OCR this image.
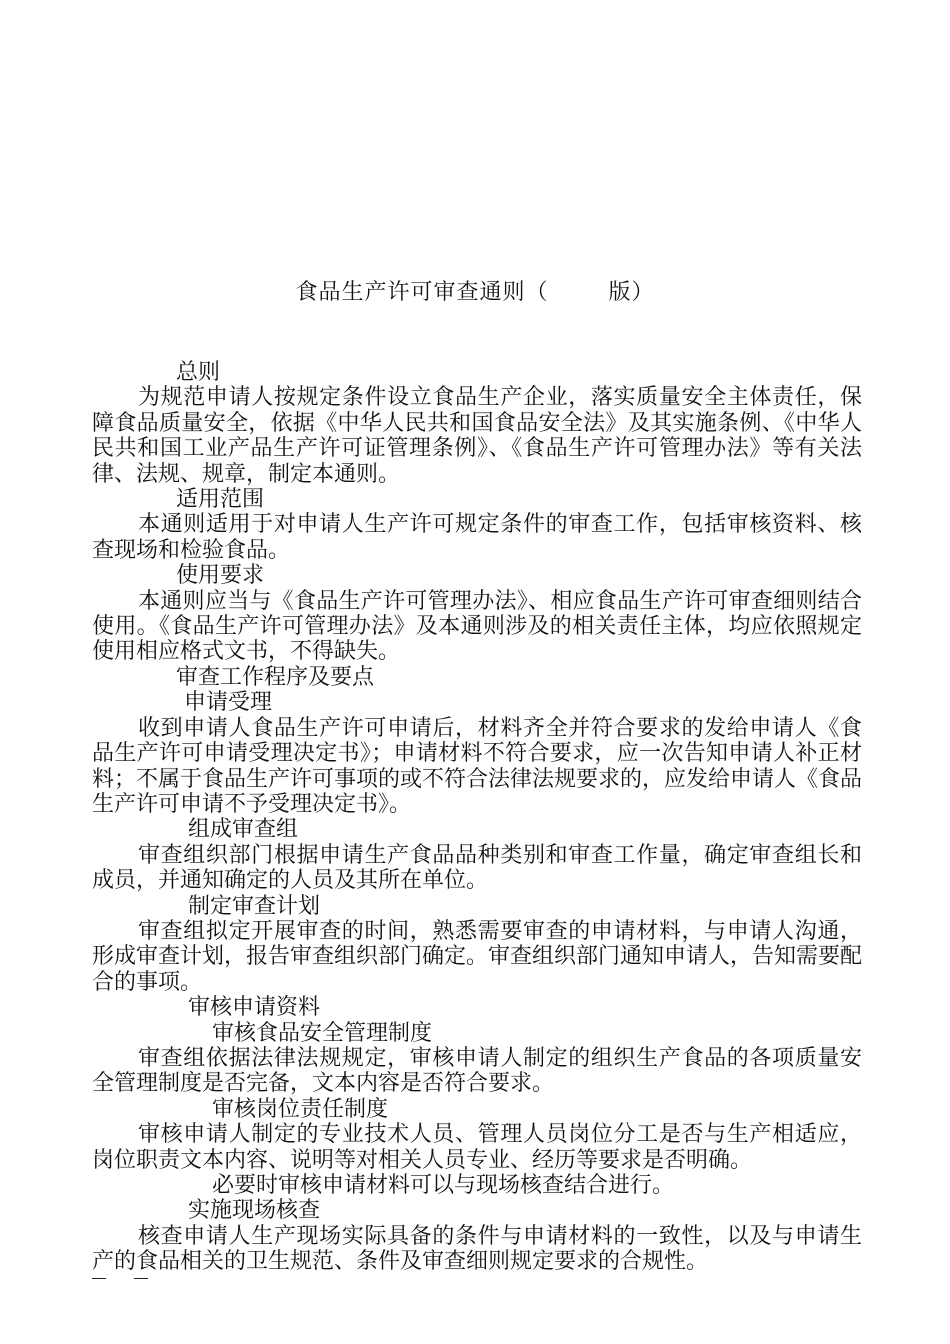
食品生产许可审查通则（	版）

总则

为规范申请人按规定条件设立食品生产企业，落实质量安全主体责任，保障食品质量安全，依据《中华人民共和国食品安全法》及其实施条例、《中华人民共和国工业产品生产许可证管理条例》、《食品生产许可管理办法》等有关法律、法规、规章，制定本通则。

适用范围

本通则适用于对申请人生产许可规定条件的审查工作，包括审核资料、核查现场和检验食品。

使用要求

本通则应当与《食品生产许可管理办法》、相应食品生产许可审查细则结合使用。《食品生产许可管理办法》及本通则涉及的相关责任主体，均应依照规定使用相应格式文书，不得缺失。

审查工作程序及要点

申请受理

收到申请人食品生产许可申请后，材料齐全并符合要求的发给申请人《食品生产许可申请受理决定书》；申请材料不符合要求，应一次告知申请人补正材料；不属于食品生产许可事项的或不符合法律法规要求的，应发给申请人《食品生产许可申请不予受理决定书》。

组成审查组

审查组织部门根据申请生产食品品种类别和审查工作量，确定审查组长和成员，并通知确定的人员及其所在单位。

制定审查计划

审查组拟定开展审查的时间，熟悉需要审查的申请材料，与申请人沟通，形成审查计划，报告审查组织部门确定。审查组织部门通知申请人，告知需要配合的事项。

审核申请资料

审核食品安全管理制度

审查组依据法律法规规定，审核申请人制定的组织生产食品的各项质量安全管理制度是否完备，文本内容是否符合要求。

审核岗位责任制度

审核申请人制定的专业技术人员、管理人员岗位分工是否与生产相适应，岗位职责文本内容、说明等对相关人员专业、经历等要求是否明确。

必要时审核申请材料可以与现场核查结合进行。

实施现场核查

核查申请人生产现场实际具备的条件与申请材料的一致性，以及与申请生产的食品相关的卫生规范、条件及审查细则规定要求的合规性。
